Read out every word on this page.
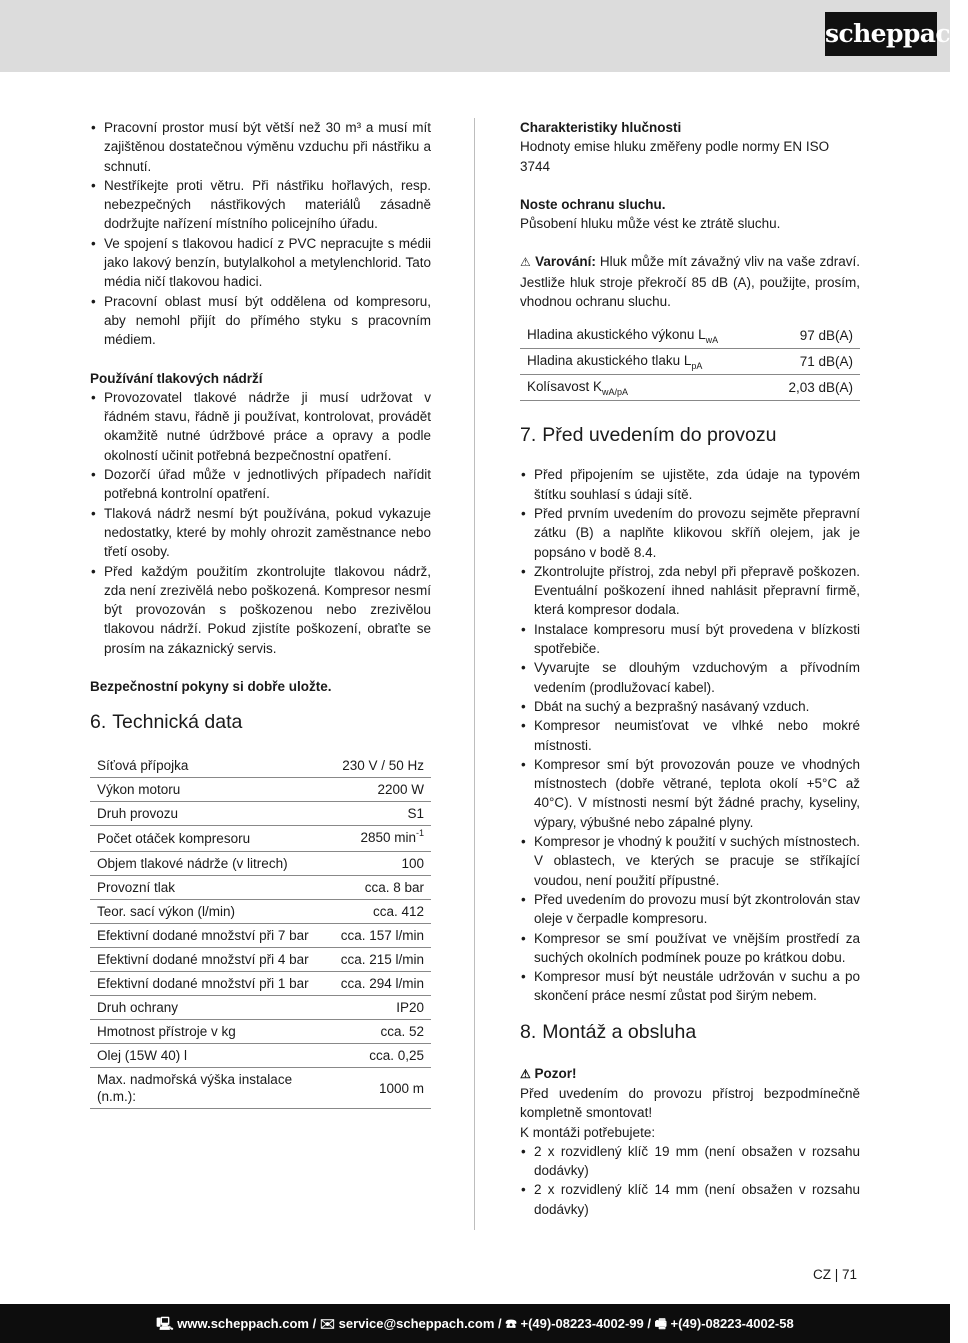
scheppach
• Pracovní prostor musí být větší než 30 m³ a musí mít zajištěnou dostatečnou výměnu vzduchu při nástřiku a schnutí.
• Nestříkejte proti větru. Při nástřiku hořlavých, resp. nebezpečných nástřikových materiálů zásadně dodržujte nařízení místního policejního úřadu.
• Ve spojení s tlakovou hadicí z PVC nepracujte s médii jako lakový benzín, butylalkohol a metylenchlorid. Tato média ničí tlakovou hadici.
• Pracovní oblast musí být oddělena od kompresoru, aby nemohl přijít do přímého styku s pracovním médiem.

Používání tlakových nádrží

• Provozovatel tlakové nádrže ji musí udržovat v řádném stavu, řádně ji používat, kontrolovat, provádět okamžitě nutné údržbové práce a opravy a podle okolností učinit potřebná bezpečnostní opatření.
• Dozorčí úřad může v jednotlivých případech nařídit potřebná kontrolní opatření.
• Tlaková nádrž nesmí být používána, pokud vykazuje nedostatky, které by mohly ohrozit zaměstnance nebo třetí osoby.
• Před každým použitím zkontrolujte tlakovou nádrž, zda není zrezivělá nebo poškozená. Kompresor nesmí být provozován s poškozenou nebo zrezivělou tlakovou nádrží. Pokud zjistíte poškození, obraťte se prosím na zákaznický servis.

Bezpečnostní pokyny si dobře uložte.

6. Technická data
Síťová přípojka	230 V / 50 Hz
Výkon motoru	2200 W
Druh provozu	S1
Počet otáček kompresoru	2850 $\min^{-1}$
Objem tlakové nádrže (v litrech)	100
Provozní tlak	cca. 8 bar
Teor. sací výkon (l/min)	cca. 412
Efektivní dodané množství při 7 bar	cca. 157 l/min
Efektivní dodané množství při 4 bar	cca. 215 l/min
Efektivní dodané množství při 1 bar	cca. 294 l/min
Druh ochrany	IP20
Hmotnost přístroje v kg	cca. 52
Olej (15W 40) l	cca. 0,25
Max. nadmořská výška instalace (n.m.):	1000 m

Charakteristiky hlučnosti

Hodnoty emise hluku změřeny podle normy EN ISO 3744

Noste ochranu sluchu.

Působení hluku může vést ke ztrátě sluchu.

⚠ Varování: Hluk může mít závažný vliv na vaše zdraví. Jestliže hluk stroje překročí 85 dB (A), použijte, prosím, vhodnou ochranu sluchu.

Hladina akustického výkonu $L_{wA}$	97 dB(A)
Hladina akustického tlaku $L_{pA}$	71 dB(A)
Kolísavost $K_{wA/pA}$	2,03 dB(A)
7. Před uvedením do provozu
• Před připojením se ujistěte, zda údaje na typovém štítku souhlasí s údaji sítě.
• Před prvním uvedením do provozu sejměte přepravní zátku (B) a naplňte klikovou skříň olejem, jak je popsáno v bodě 8.4.
• Zkontrolujte přístroj, zda nebyl při přepravě poškozen. Eventuální poškození ihned nahlásit přepravní firmě, která kompresor dodala.
• Instalace kompresoru musí být provedena v blízkosti spotřebiče.
• Vyvarujte se dlouhým vzduchovým a přívodním vedením (prodlužovací kabel).
• Dbát na suchý a bezprašný nasávaný vzduch.
• Kompresor neumisťovat ve vlhké nebo mokré místnosti.
• Kompresor smí být provozován pouze ve vhodných místnostech (dobře větrané, teplota okolí +5°C až 40°C). V místnosti nesmí být žádné prachy, kyseliny, výpary, výbušné nebo zápalné plyny.
• Kompresor je vhodný k použití v suchých místnostech. V oblastech, ve kterých se pracuje se stříkající voudou, není použití přípustné.
• Před uvedením do provozu musí být zkontrolován stav oleje v čerpadle kompresoru.
• Kompresor se smí používat ve vnějším prostředí za suchých okolních podmínek pouze po krátkou dobu.
• Kompresor musí být neustále udržován v suchu a po skončení práce nesmí zůstat pod širým nebem.
8. Montáž a obsluha

⚠ Pozor!

Před uvedením do provozu přístroj bezpodmínečně kompletně smontovat!

K montáži potřebujete:

• 2 x rozvidlený klíč 19 mm (není obsažen v rozsahu dodávky)
• 2 x rozvidlený klíč 14 mm (není obsažen v rozsahu dodávky)
CZ | 71
🖳 www.scheppach.com / ✉ service@scheppach.com / ☎ +(49)-08223-4002-99 / 🖷 +(49)-08223-4002-58
